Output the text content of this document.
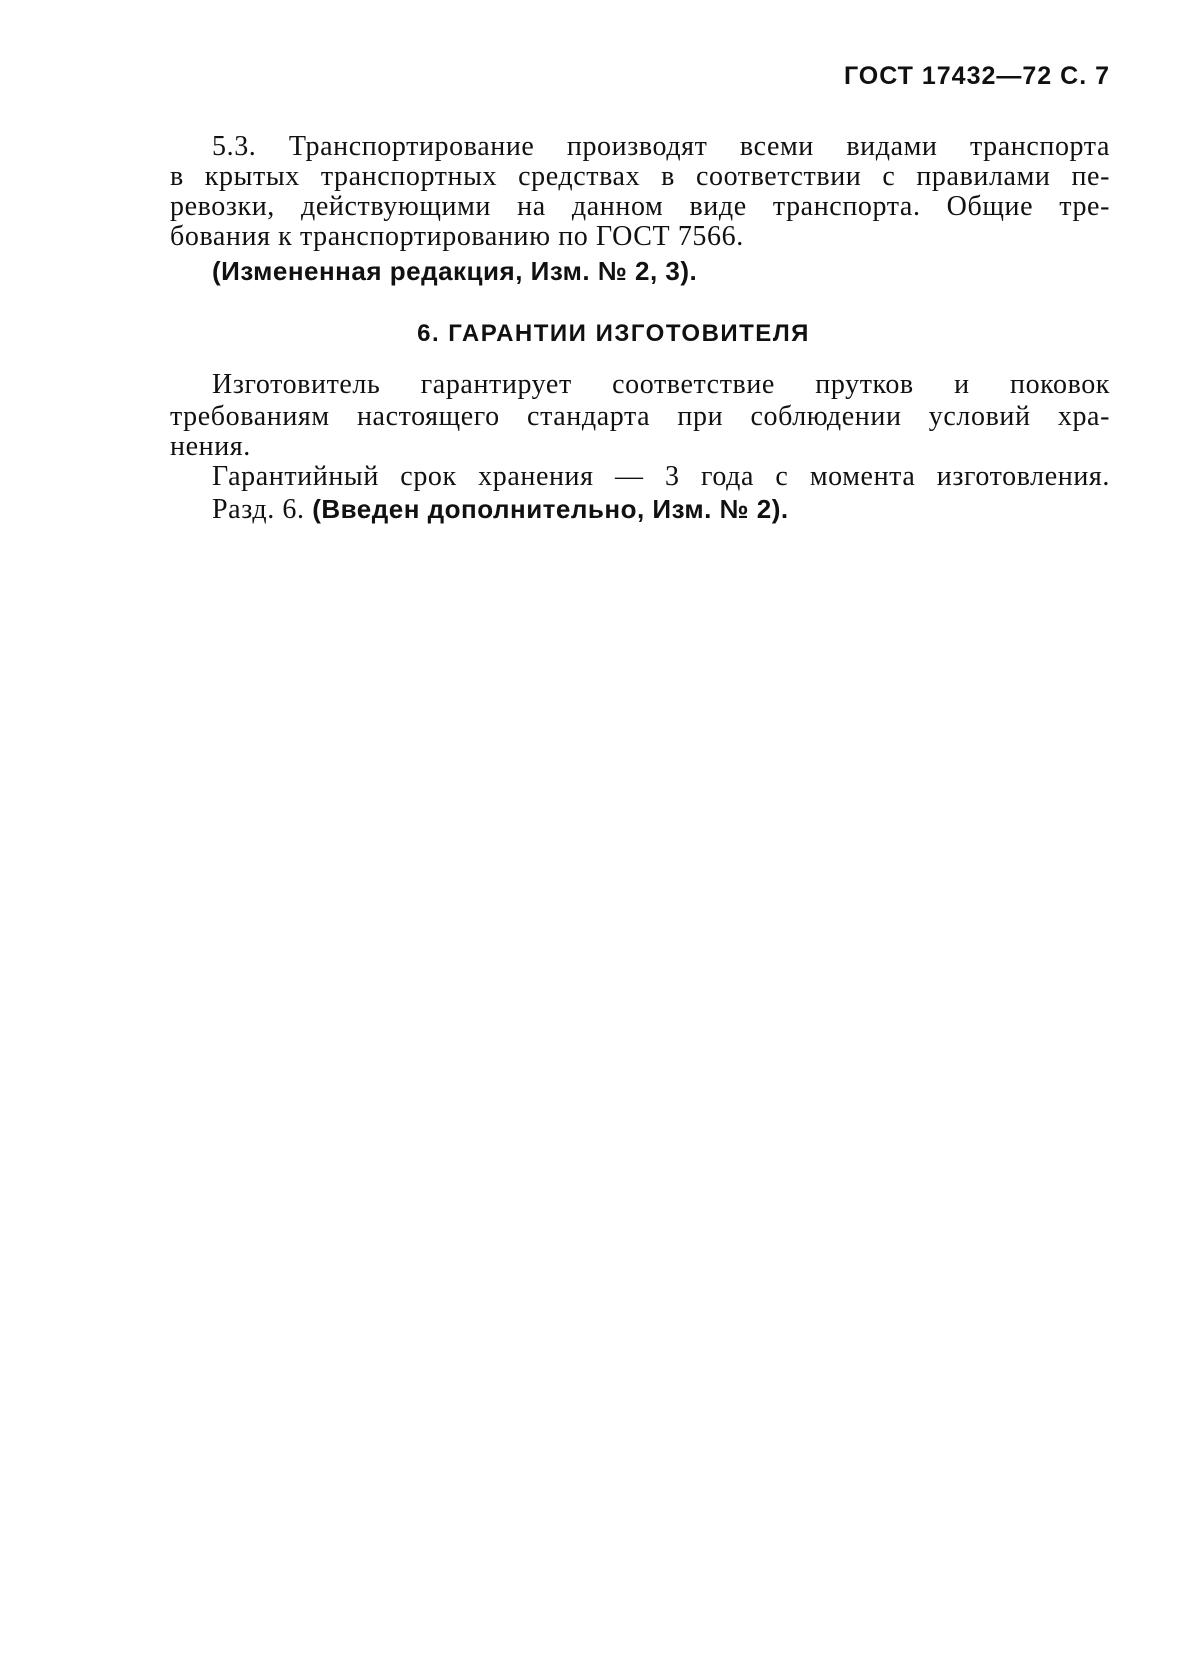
ГОСТ 17432—72 С. 7
5.3. Транспортирование производят всеми видами транспорта
в крытых транспортных средствах в соответствии с правилами пе-
ревозки, действующими на данном виде транспорта. Общие тре-
бования к транспортированию по ГОСТ 7566.
(Измененная редакция, Изм. № 2, 3).
6. ГАРАНТИИ ИЗГОТОВИТЕЛЯ
Изготовитель гарантирует соответствие прутков и поковок
требованиям настоящего стандарта при соблюдении условий хра-
нения.
Гарантийный срок хранения — 3 года с момента изготовления.
Разд. 6. (Введен дополнительно, Изм. № 2).
